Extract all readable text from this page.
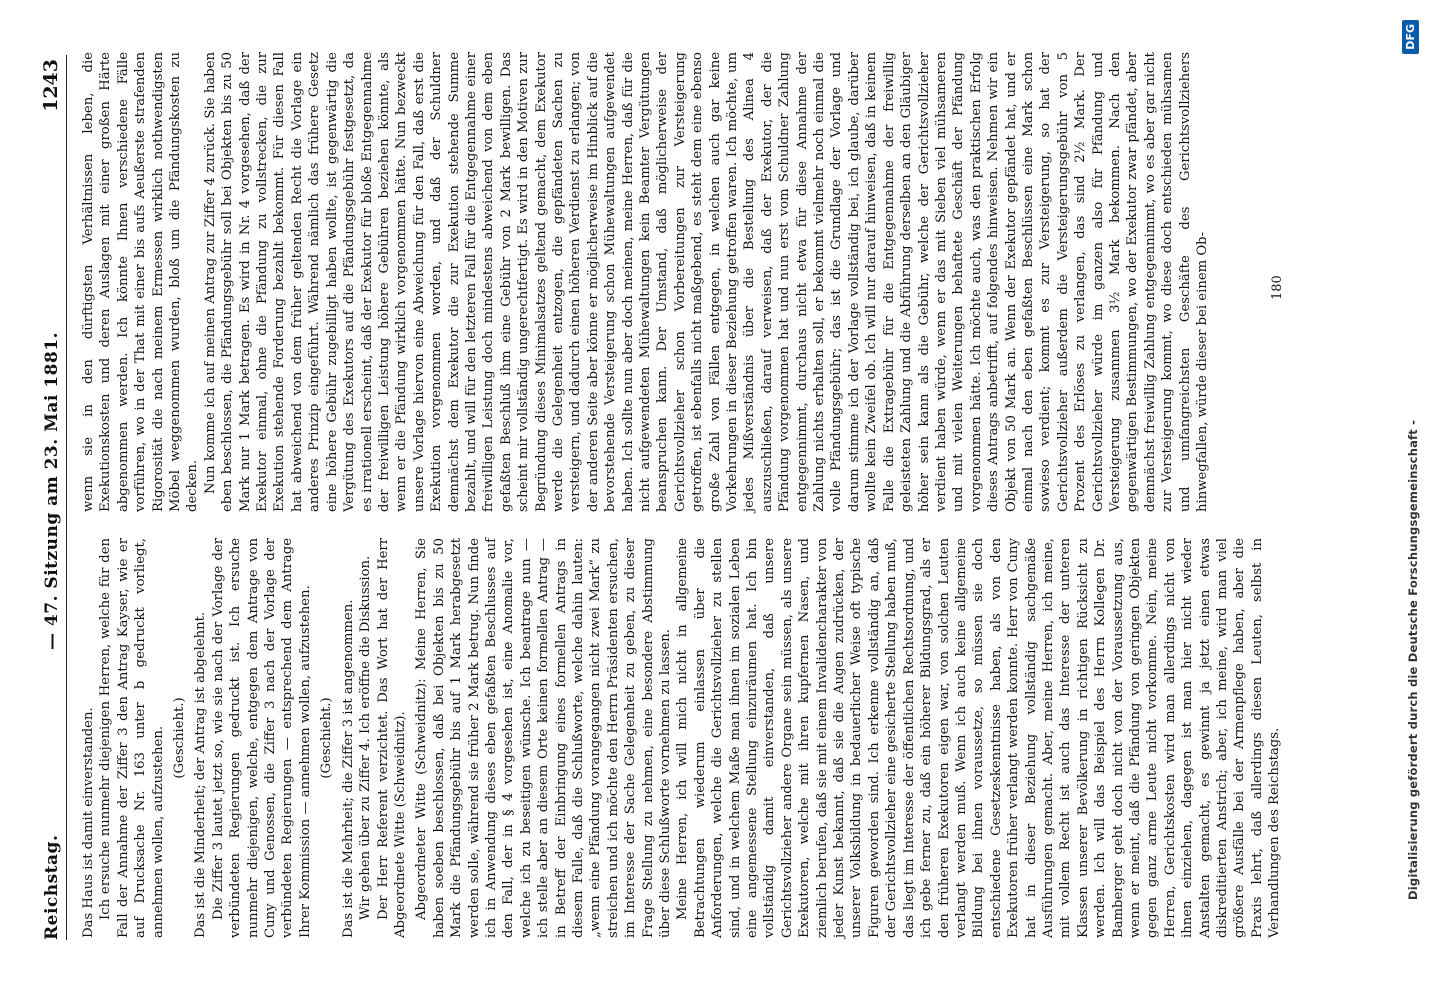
Reichstag.
— 47. Sitzung am 23. Mai 1881.
1243

Das Haus ist damit einverstanden. Ich ersuche nunmehr diejenigen Herren, welche für den Fall der Annahme der Ziffer 3 den Antrag Kayser, wie er auf Drucksache Nr. 163 unter b gedruckt vorliegt, annehmen wollen, aufzustehen. (Geschieht.) Das ist die Minderheit; der Antrag ist abgelehnt. Die Ziffer 3 lautet jetzt so, wie sie nach der Vorlage der verbündeten Regierungen gedruckt ist. Ich ersuche nunmehr diejenigen, welche, entgegen dem Antrage von Cuny und Genossen, die Ziffer 3 nach der Vorlage der verbündeten Regierungen — entsprechend dem Antrage Ihrer Kommission — annehmen wollen, aufzustehen. (Geschieht.) Das ist die Mehrheit; die Ziffer 3 ist angenommen. Wir gehen über zu Ziffer 4. Ich eröffne die Diskussion. Der Herr Referent verzichtet. Das Wort hat der Herr Abgeordnete Witte (Schweidnitz). Abgeordneter Witte (Schweidnitz): Meine Herren, Sie haben soeben beschlossen, daß bei Objekten bis zu 50 Mark die Pfändungsgebühr bis auf 1 Mark herabgesetzt werden solle, während sie früher 2 Mark betrug. Nun finde ich in Anwendung dieses eben gefaßten Beschlusses auf den Fall, der in § 4 vorgesehen ist, eine Anomalie vor, welche ich zu beseitigen wünsche. Ich beantrage nun — ich stelle aber an diesem Orte keinen formellen Antrag — in Betreff der Einbringung eines formellen Antrags in diesem Falle, daß die Schlußworte, welche dahin lauten: „wenn eine Pfändung vorangegangen nicht zwei Mark“ zu streichen und ich möchte den Herrn Präsidenten ersuchen, im Interesse der Sache Gelegenheit zu geben, zu dieser Frage Stellung zu nehmen, eine besondere Abstimmung über diese Schlußworte vornehmen zu lassen. Meine Herren, ich will mich nicht in allgemeine Betrachtungen wiederum einlassen über die Anforderungen, welche die Gerichtsvollzieher zu stellen sind, und in welchem Maße man ihnen im sozialen Leben eine angemessene Stellung einzuräumen hat. Ich bin vollständig damit einverstanden, daß unsere Gerichtsvollzieher andere Organe sein müssen, als unsere Exekutoren, welche mit ihren kupfernen Nasen, und ziemlich berufen, daß sie mit einem Invalidencharakter von jeder Kunst bekannt, daß sie die Augen zudrücken, der unserer Volksbildung in bedauerlicher Weise oft typische Figuren geworden sind. Ich erkenne vollständig an, daß der Gerichtsvollzieher eine gesicherte Stellung haben muß, das liegt im Interesse der öffentlichen Rechtsordnung, und ich gebe ferner zu, daß ein höherer Bildungsgrad, als er den früheren Exekutoren eigen war, von solchen Leuten verlangt werden muß. Wenn ich auch keine allgemeine Bildung bei ihnen voraussetze, so müssen sie doch entschiedene Gesetzeskenntnisse haben, als von den Exekutoren früher verlangt werden konnte. Herr von Cuny hat in dieser Beziehung vollständig sachgemäße Ausführungen gemacht. Aber, meine Herren, ich meine, mit vollem Recht ist auch das Interesse der unteren Klassen unserer Bevölkerung in richtigen Rücksicht zu werden. Ich will das Beispiel des Herrn Kollegen Dr. Bamberger geht doch nicht von der Voraussetzung aus, wenn er meint, daß die Pfändung von geringen Objekten gegen ganz arme Leute nicht vorkomme. Nein, meine Herren, Gerichtskosten wird man allerdings nicht von ihnen einziehen, dagegen ist man hier nicht wieder Anstalten gemacht, es gewinnt ja jetzt einen etwas diskreditierten Anstrich; aber, ich meine, wird man viel größere Ausfälle bei der Armenpflege haben, aber die Praxis lehrt, daß allerdings diesen Leuten, selbst in Verhandlungen des Reichstags.

wenn sie in den dürftigsten Verhältnissen leben, die Exekutionskosten und deren Auslagen mit einer großen Härte abgenommen werden. Ich könnte Ihnen verschiedene Fälle vorführen, wo in der That mit einer bis aufs Aeußerste strafenden Rigorosität die nach meinem Ermessen wirklich nothwendigsten Möbel weggenommen wurden, bloß um die Pfändungskosten zu decken. Nun komme ich auf meinen Antrag zur Ziffer 4 zurück. Sie haben eben beschlossen, die Pfändungsgebühr soll bei Objekten bis zu 50 Mark nur 1 Mark betragen. Es wird in Nr. 4 vorgesehen, daß der Exekutor einmal, ohne die Pfändung zu vollstrecken, die zur Exekution stehende Forderung bezahlt bekommt. Für diesen Fall hat abweichend von dem früher geltenden Recht die Vorlage ein anderes Prinzip eingeführt. Während nämlich das frühere Gesetz eine höhere Gebühr zugebilligt haben wollte, ist gegenwärtig die Vergütung des Exekutors auf die Pfändungsgebühr festgesetzt, da es irrationell erscheint, daß der Exekutor für bloße Entgegennahme der freiwilligen Leistung höhere Gebühren beziehen könnte, als wenn er die Pfändung wirklich vorgenommen hätte. Nun bezweckt unsere Vorlage hiervon eine Abweichung für den Fall, daß erst die Exekution vorgenommen worden, und daß der Schuldner demnächst dem Exekutor die zur Exekution stehende Summe bezahlt, und will für den letzteren Fall für die Entgegennahme einer freiwilligen Leistung doch mindestens abweichend von dem eben gefaßten Beschluß ihm eine Gebühr von 2 Mark bewilligen. Das scheint mir vollständig ungerechtfertigt. Es wird in den Motiven zur Begründung dieses Minimalsatzes geltend gemacht, dem Exekutor werde die Gelegenheit entzogen, die gepfändeten Sachen zu versteigern, und dadurch einen höheren Verdienst zu erlangen; von der anderen Seite aber könne er möglicherweise im Hinblick auf die bevorstehende Versteigerung schon Mühewaltungen aufgewendet haben. Ich sollte nun aber doch meinen, meine Herren, daß für die nicht aufgewendeten Mühewaltungen kein Beamter Vergütungen beanspruchen kann. Der Umstand, daß möglicherweise der Gerichtsvollzieher schon Vorbereitungen zur Versteigerung getroffen, ist ebenfalls nicht maßgebend, es steht dem eine ebenso große Zahl von Fällen entgegen, in welchen auch gar keine Vorkehrungen in dieser Beziehung getroffen waren. Ich möchte, um jedes Mißverständnis über die Bestellung des Alinea 4 auszuschließen, darauf verweisen, daß der Exekutor, der die Pfändung vorgenommen hat und nun erst vom Schuldner Zahlung entgegennimmt, durchaus nicht etwa für diese Annahme der Zahlung nichts erhalten soll, er bekommt vielmehr noch einmal die volle Pfändungsgebühr; das ist die Grundlage der Vorlage und darum stimme ich der Vorlage vollständig bei, ich glaube, darüber wollte kein Zweifel ob. Ich will nur darauf hinweisen, daß in keinem Falle die Extragebühr für die Entgegennahme der freiwillig geleisteten Zahlung und die Abführung derselben an den Gläubiger höher sein kann als die Gebühr, welche der Gerichtsvollzieher verdient haben würde, wenn er das mit Sieben viel mühsameren und mit vielen Weiterungen behaftete Geschäft der Pfändung vorgenommen hätte. Ich möchte auch, was den praktischen Erfolg dieses Antrags anbetrifft, auf folgendes hinweisen. Nehmen wir ein Objekt von 50 Mark an. Wenn der Exekutor gepfändet hat, und er einmal nach den eben gefaßten Beschlüssen eine Mark schon sowieso verdient; kommt es zur Versteigerung, so hat der Gerichtsvollzieher außerdem die Versteigerungsgebühr von 5 Prozent des Erlöses zu verlangen, das sind 2½ Mark. Der Gerichtsvollzieher würde im ganzen also für Pfändung und Versteigerung zusammen 3½ Mark bekommen. Nach den gegenwärtigen Bestimmungen, wo der Exekutor zwar pfändet, aber demnächst freiwillig Zahlung entgegennimmt, wo es aber gar nicht zur Versteigerung kommt, wo diese doch entschieden mühsamen und umfangreichsten Geschäfte des Gerichtsvollziehers hinwegfallen, würde dieser bei einem Ob-	180
Digitalisierung gefördert durch die Deutsche Forschungsgemeinschaft -
DFG
